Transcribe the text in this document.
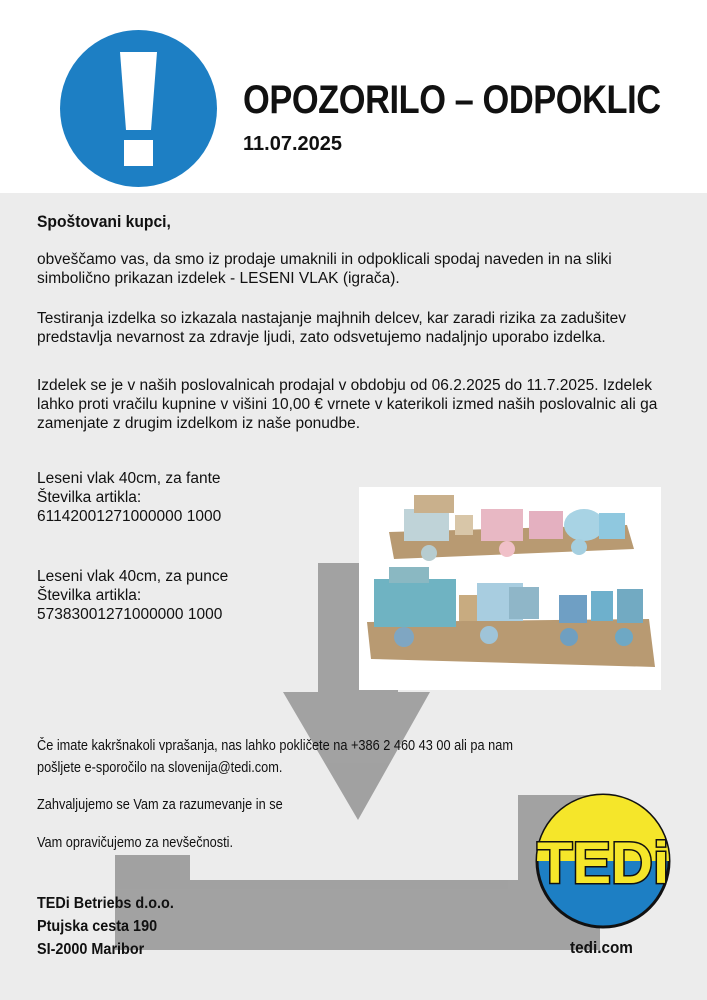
OPOZORILO – ODPOKLIC
11.07.2025
Spoštovani kupci,
obveščamo vas, da smo iz prodaje umaknili in odpoklicali spodaj naveden in na sliki simbolično prikazan izdelek - LESENI VLAK (igrača).
Testiranja izdelka so izkazala nastajanje majhnih delcev, kar zaradi rizika za zadušitev predstavlja nevarnost za zdravje ljudi, zato odsvetujemo nadaljnjo uporabo izdelka.
Izdelek se je v naših poslovalnicah prodajal v obdobju od 06.2.2025 do 11.7.2025. Izdelek lahko proti vračilu kupnine v višini 10,00 € vrnete v katerikoli izmed naših poslovalnic ali ga zamenjate z drugim izdelkom iz naše ponudbe.
Leseni vlak 40cm, za fante
Številka artikla:
61142001271000000 1000
Leseni vlak 40cm, za punce
Številka artikla:
57383001271000000 1000
Če imate kakršnakoli vprašanja, nas lahko pokličete na +386 2 460 43 00 ali pa nam
pošljete e-sporočilo na slovenija@tedi.com.
Zahvaljujemo se Vam za razumevanje in se
Vam opravičujemo za nevšečnosti.
TEDi Betriebs d.o.o.
Ptujska cesta 190
SI-2000 Maribor
TEDi
tedi.com
